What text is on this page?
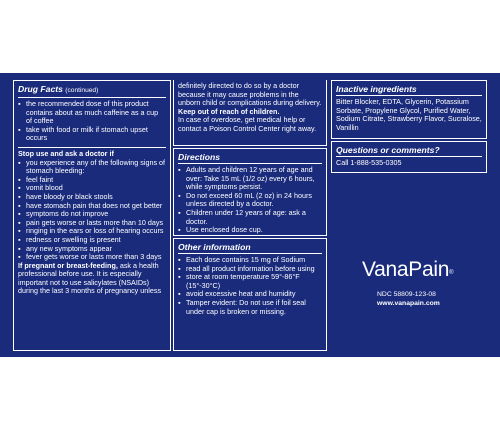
Drug Facts (continued)
▪ the recommended dose of this product contains about as much caffeine as a cup of coffee
▪ take with food or milk if stomach upset occurs

Stop use and ask a doctor if

▪ you experience any of the following signs of stomach bleeding:
▪ feel faint
▪ vomit blood
▪ have bloody or black stools
▪ have stomach pain that does not get better
▪ symptoms do not improve
▪ pain gets worse or lasts more than 10 days
▪ ringing in the ears or loss of hearing occurs
▪ redness or swelling is present
▪ any new symptoms appear
▪ fever gets worse or lasts more than 3 days

If pregnant or breast-feeding, ask a health professional before use. It is especially important not to use salicylates (NSAIDs) during the last 3 months of pregnancy unless

definitely directed to do so by a doctor because it may cause problems in the unborn child or complications during delivery.

Keep out of reach of children.

In case of overdose, get medical help or contact a Poison Control Center right away.

Directions
▪ Adults and children 12 years of age and over: Take 15 mL (1/2 oz) every 6 hours, while symptoms persist.
▪ Do not exceed 60 mL (2 oz) in 24 hours unless directed by a doctor.
▪ Children under 12 years of age: ask a doctor.
▪ Use enclosed dose cup.
Other information
▪ Each dose contains 15 mg of Sodium
▪ read all product information before using
▪ store at room temperature 59°-86°F (15°-30°C)
▪ avoid excessive heat and humidity
▪ Tamper evident: Do not use if foil seal under cap is broken or missing.
Inactive ingredients

Bitter Blocker, EDTA, Glycerin, Potassium Sorbate, Propylene Glycol, Purified Water, Sodium Citrate, Strawberry Flavor, Sucralose, Vanillin

Questions or comments?

Call 1-888-535-0305

VanaPain®
NDC 58809-123-08
www.vanapain.com
